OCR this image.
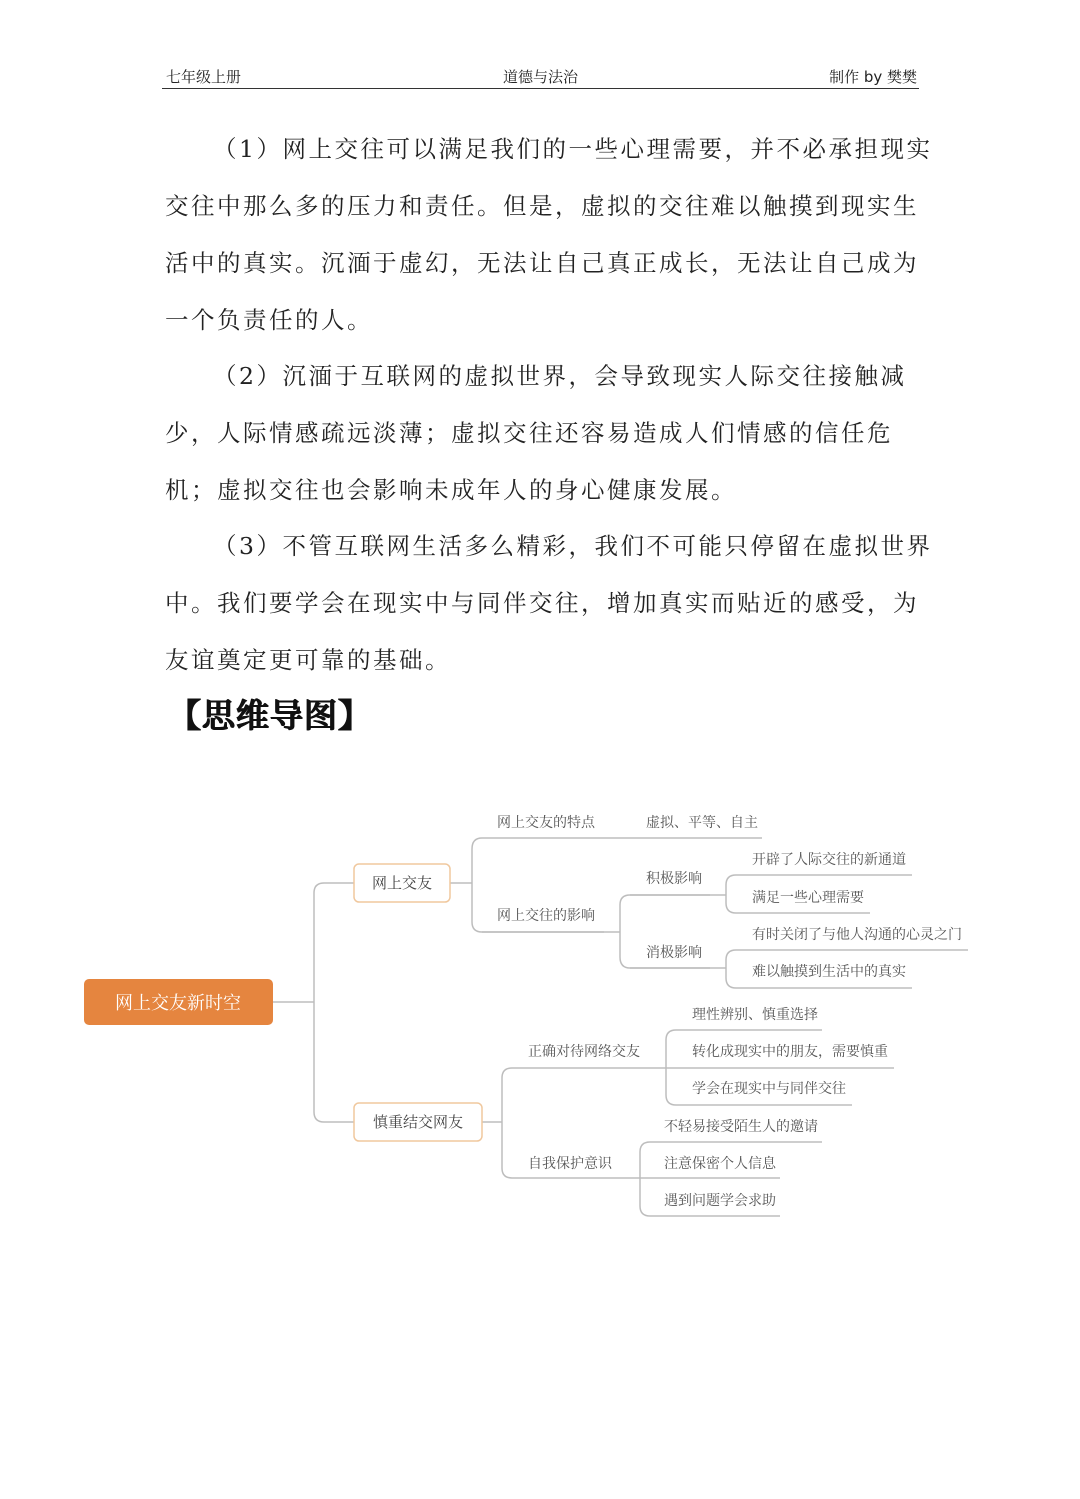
七年级上册	道德与法治	制作 by 樊樊
（1）网上交往可以满足我们的一些心理需要，并不必承担现实
交往中那么多的压力和责任。但是，虚拟的交往难以触摸到现实生
活中的真实。沉湎于虚幻，无法让自己真正成长，无法让自己成为
一个负责任的人。
（2）沉湎于互联网的虚拟世界，会导致现实人际交往接触减
少，人际情感疏远淡薄；虚拟交往还容易造成人们情感的信任危
机；虚拟交往也会影响未成年人的身心健康发展。
（3）不管互联网生活多么精彩，我们不可能只停留在虚拟世界
中。我们要学会在现实中与同伴交往，增加真实而贴近的感受，为
友谊奠定更可靠的基础。
【思维导图】
网上交友新时空
网上交友
慎重结交网友
网上交友的特点	虚拟、平等、自主
网上交往的影响
积极影响
开辟了人际交往的新通道
满足一些心理需要
消极影响
有时关闭了与他人沟通的心灵之门
难以触摸到生活中的真实
正确对待网络交友
理性辨别、慎重选择
转化成现实中的朋友，需要慎重
学会在现实中与同伴交往
自我保护意识
不轻易接受陌生人的邀请
注意保密个人信息
遇到问题学会求助
